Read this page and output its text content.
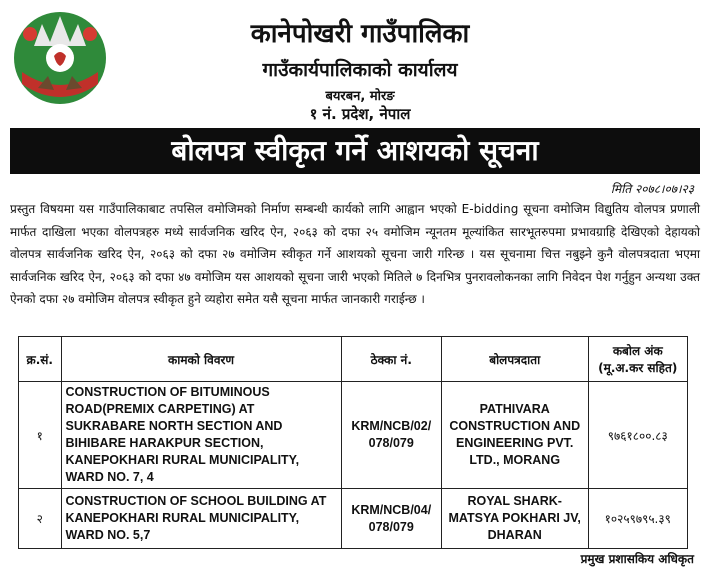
कानेपोखरी गाउँपालिका
गाउँकार्यपालिकाको कार्यालय
बयरबन, मोरङ
१ नं. प्रदेश, नेपाल
बोलपत्र स्वीकृत गर्ने आशयको सूचना
मिति २०७८।०७।२३
प्रस्तुत विषयमा यस गाउँपालिकाबाट तपसिल वमोजिमको निर्माण सम्बन्धी कार्यको लागि आह्वान भएको E-bidding सूचना वमोजिम विद्युतिय वोलपत्र प्रणाली मार्फत दाखिला भएका वोलपत्रहरु मध्ये सार्वजनिक खरिद ऐन, २०६३ को दफा २५ वमोजिम न्यूनतम मूल्यांकित सारभूतरुपमा प्रभावग्राहि देखिएको देहायको वोलपत्र सार्वजनिक खरिद ऐन, २०६३ को दफा २७ वमोजिम स्वीकृत गर्ने आशयको सूचना जारी गरिन्छ । यस सूचनामा चित्त नबुझ्ने कुनै वोलपत्रदाता भएमा सार्वजनिक खरिद ऐन, २०६३ को दफा ४७ वमोजिम यस आशयको सूचना जारी भएको मितिले ७ दिनभित्र पुनरावलोकनका लागि निवेदन पेश गर्नुहुन अन्यथा उक्त ऐनको दफा २७ वमोजिम वोलपत्र स्वीकृत हुने व्यहोरा समेत यसै सूचना मार्फत जानकारी गराईन्छ ।
क्र.सं.	कामको विवरण	ठेक्का नं.	बोलपत्रदाता	कबोल अंक
(मू.अ.कर सहित)

१	CONSTRUCTION OF BITUMINOUS ROAD(PREMIX CARPETING) AT SUKRABARE NORTH SECTION AND BIHIBARE HARAKPUR SECTION, KANEPOKHARI RURAL MUNICIPALITY, WARD NO. 7, 4	KRM/NCB/02/ 078/079	PATHIVARA CONSTRUCTION AND ENGINEERING PVT. LTD., MORANG	९७६१८००.८३
२	CONSTRUCTION OF SCHOOL BUILDING AT KANEPOKHARI RURAL MUNICIPALITY, WARD NO. 5,7	KRM/NCB/04/ 078/079	ROYAL SHARK-MATSYA POKHARI JV, DHARAN	१०२५९७९५.३९
प्रमुख प्रशासकिय अधिकृत
